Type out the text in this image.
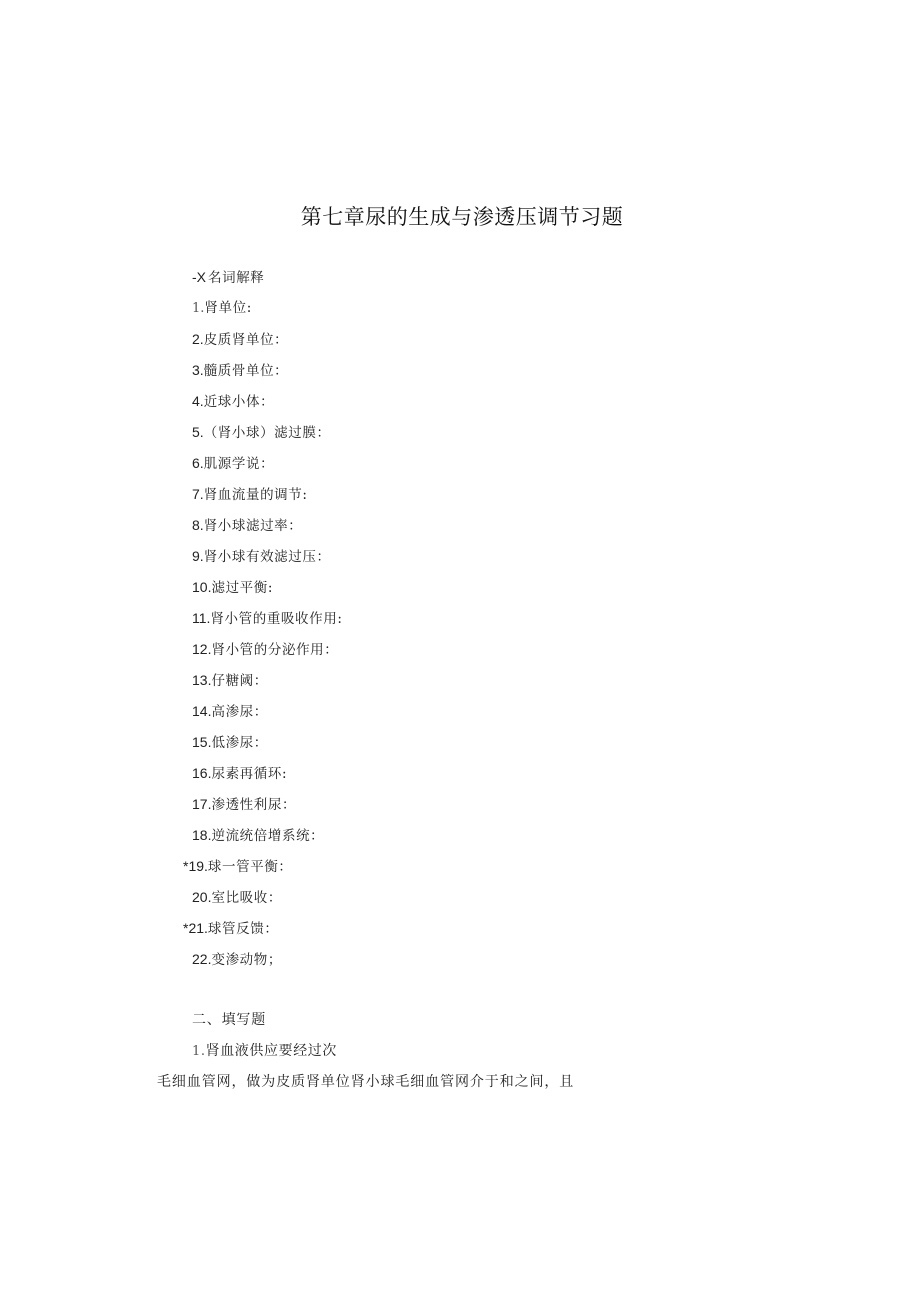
第七章尿的生成与渗透压调节习题
-X 名词解释
1.肾单位:
2.皮质肾单位：
3.髓质骨单位：
4.近球小体：
5.（肾小球）滤过膜：
6.肌源学说：
7.肾血流量的调节:
8.肾小球滤过率：
9.肾小球有效滤过压：
10.滤过平衡:
11.肾小管的重吸收作用:
12.肾小管的分泌作用：
13.仔糖阈：
14.高渗尿：
15.低渗尿：
16.尿素再循环:
17.渗透性利尿：
18.逆流统倍增系统：
*19.球一管平衡：
20.室比吸收：
*21.球管反馈：
22.变渗动物；
二、填写题
1.肾血液供应要经过次
毛细血管网，做为皮质肾单位肾小球毛细血管网介于和之间，且
